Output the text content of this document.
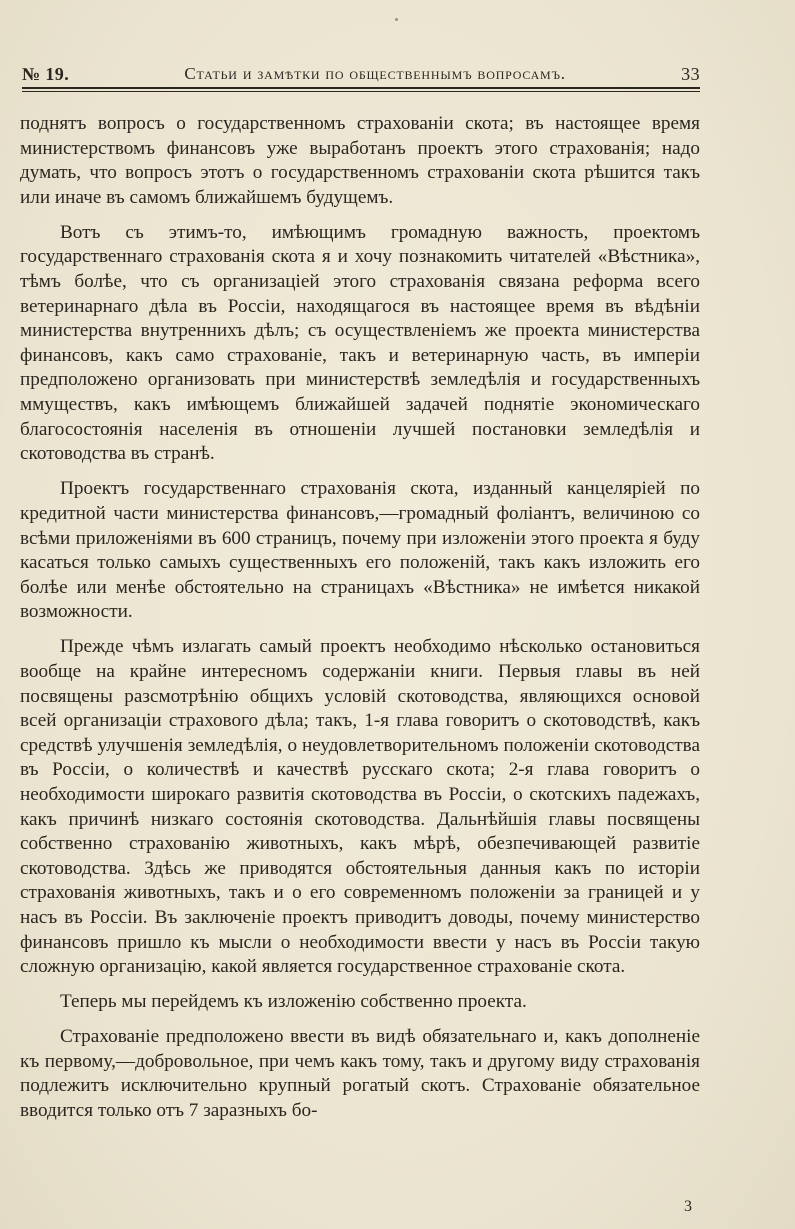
№ 19.	Статьи и замѣтки по общественнымъ вопросамъ.	33

поднятъ вопросъ о государственномъ страхованіи скота; въ настоящее время министерствомъ финансовъ уже выработанъ проектъ этого страхованія; надо думать, что вопросъ этотъ о государственномъ страхованіи скота рѣшится такъ или иначе въ самомъ ближайшемъ будущемъ.

Вотъ съ этимъ-то, имѣющимъ громадную важность, проектомъ государственнаго страхованія скота я и хочу познакомить читателей «Вѣстника», тѣмъ болѣе, что съ организаціей этого страхованія связана реформа всего ветеринарнаго дѣла въ Россіи, находящагося въ настоящее время въ вѣдѣніи министерства внутреннихъ дѣлъ; съ осуществленіемъ же проекта министерства финансовъ, какъ само страхованіе, такъ и ветеринарную часть, въ имперіи предположено организовать при министерствѣ земледѣлія и государственныхъ ммуществъ, какъ имѣющемъ ближайшей задачей поднятіе экономическаго благосостоянія населенія въ отношеніи лучшей постановки земледѣлія и скотоводства въ странѣ.

Проектъ государственнаго страхованія скота, изданный канцеляріей по кредитной части министерства финансовъ,—громадный фоліантъ, величиною со всѣми приложеніями въ 600 страницъ, почему при изложеніи этого проекта я буду касаться только самыхъ существенныхъ его положеній, такъ какъ изложить его болѣе или менѣе обстоятельно на страницахъ «Вѣстника» не имѣется никакой возможности.

Прежде чѣмъ излагать самый проектъ необходимо нѣсколько остановиться вообще на крайне интересномъ содержаніи книги. Первыя главы въ ней посвящены разсмотрѣнію общихъ условій скотоводства, являющихся основой всей организаціи страхового дѣла; такъ, 1-я глава говоритъ о скотоводствѣ, какъ средствѣ улучшенія земледѣлія, о неудовлетворительномъ положеніи скотоводства въ Россіи, о количествѣ и качествѣ русскаго скота; 2-я глава говоритъ о необходимости широкаго развитія скотоводства въ Россіи, о скотскихъ падежахъ, какъ причинѣ низкаго состоянія скотоводства. Дальнѣйшія главы посвящены собственно страхованію животныхъ, какъ мѣрѣ, обезпечивающей развитіе скотоводства. Здѣсь же приводятся обстоятельныя данныя какъ по исторіи страхованія животныхъ, такъ и о его современномъ положеніи за границей и у насъ въ Россіи. Въ заключеніе проектъ приводитъ доводы, почему министерство финансовъ пришло къ мысли о необходимости ввести у насъ въ Россіи такую сложную организацію, какой является государственное страхованіе скота.

Теперь мы перейдемъ къ изложенію собственно проекта.

Страхованіе предположено ввести въ видѣ обязательнаго и, какъ дополненіе къ первому,—добровольное, при чемъ какъ тому, такъ и другому виду страхованія подлежитъ исключительно крупный рогатый скотъ. Страхованіе обязательное вводится только отъ 7 заразныхъ бо-

3
